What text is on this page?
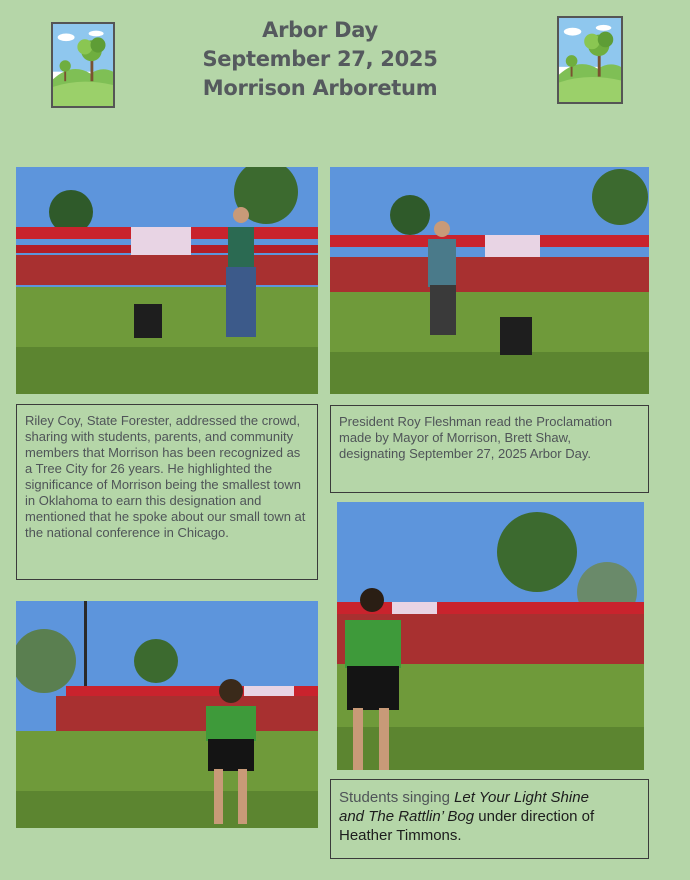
Arbor Day
September 27, 2025
Morrison Arboretum
Riley Coy, State Forester, addressed the crowd, sharing with students, parents, and community members that Morrison has been recognized as a Tree City for 26 years. He highlighted the significance of Morrison being the smallest town in Oklahoma to earn this designation and mentioned that he spoke about our small town at the national conference in Chicago.
President Roy Fleshman read the Proclamation made by Mayor of Morrison, Brett Shaw, designating September 27, 2025 Arbor Day.
Students singing Let Your Light Shine
and The Rattlin’ Bog under direction of
Heather Timmons.
